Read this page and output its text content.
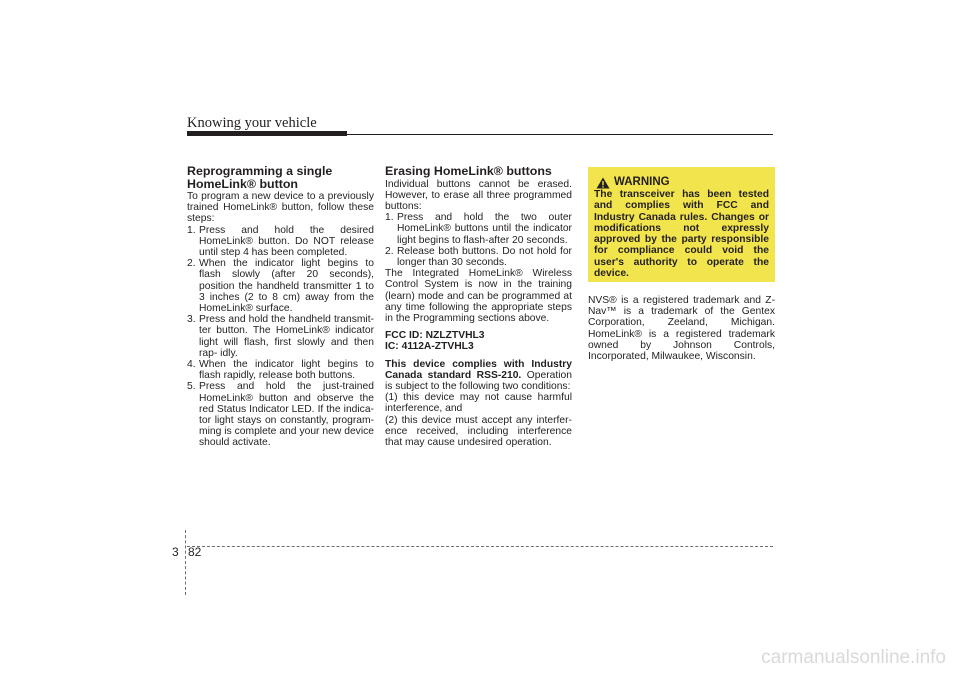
Knowing your vehicle
Reprogramming a single
HomeLink® button

To program a new device to a previously trained HomeLink® button, follow these steps:

1. Press and hold the desired HomeLink® button. Do NOT release until step 4 has been completed.
2. When the indicator light begins to flash slowly (after 20 seconds), position the handheld transmitter 1 to 3 inches (2 to 8 cm) away from the HomeLink® surface.
3. Press and hold the handheld transmit- ter button. The HomeLink® indicator light will flash, first slowly and then rap- idly.
4. When the indicator light begins to flash rapidly, release both buttons.
5. Press and hold the just-trained HomeLink® button and observe the red Status Indicator LED. If the indica- tor light stays on constantly, program- ming is complete and your new device should activate.
Erasing HomeLink® buttons

Individual buttons cannot be erased. However, to erase all three programmed buttons:

1. Press and hold the two outer HomeLink® buttons until the indicator light begins to flash-after 20 seconds.
2. Release both buttons. Do not hold for longer than 30 seconds.

The Integrated HomeLink® Wireless Control System is now in the training (learn) mode and can be programmed at any time following the appropriate steps in the Programming sections above.

FCC ID: NZLZTVHL3

IC: 4112A-ZTVHL3

This device complies with Industry Canada standard RSS-210. Operation is subject to the following two conditions:

(1) this device may not cause harmful interference, and

(2) this device must accept any interfer- ence received, including interference that may cause undesired operation.

WARNING

The transceiver has been tested and complies with FCC and Industry Canada rules. Changes or modifications not expressly approved by the party responsible for compliance could void the user's authority to operate the device.

NVS® is a registered trademark and Z-Nav™ is a trademark of the Gentex Corporation, Zeeland, Michigan. HomeLink® is a registered trademark owned by Johnson Controls, Incorporated, Milwaukee, Wisconsin.

3 82
carmanualsonline.info
